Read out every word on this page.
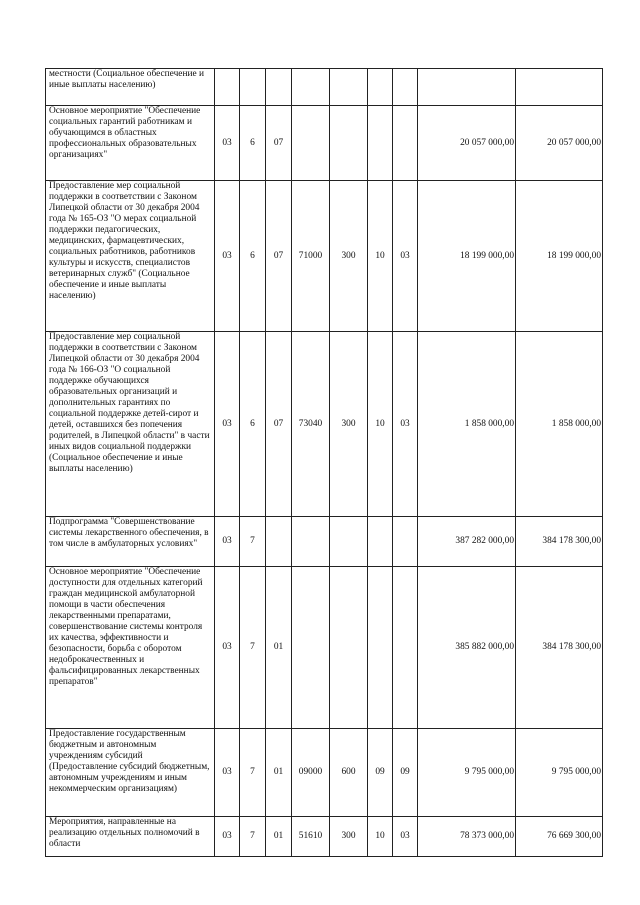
местности (Социальное обеспечение и иные выплаты населению)									
Основное мероприятие "Обеспечение социальных гарантий работникам и обучающимся в областных профессиональных образовательных организациях"	03	6	07					20 057 000,00	20 057 000,00
Предоставление мер социальной поддержки в соответствии с Законом Липецкой области от 30 декабря 2004 года № 165-ОЗ "О мерах социальной поддержки педагогических, медицинских, фармацевтических, социальных работников, работников культуры и искусств, специалистов ветеринарных служб" (Социальное обеспечение и иные выплаты населению)	03	6	07	71000	300	10	03	18 199 000,00	18 199 000,00
Предоставление мер социальной поддержки в соответствии с Законом Липецкой области от 30 декабря 2004 года № 166-ОЗ "О социальной поддержке обучающихся образовательных организаций и дополнительных гарантиях по социальной поддержке детей-сирот и детей, оставшихся без попечения родителей, в Липецкой области" в части иных видов социальной поддержки (Социальное обеспечение и иные выплаты населению)	03	6	07	73040	300	10	03	1 858 000,00	1 858 000,00
Подпрограмма "Совершенствование системы лекарственного обеспечения, в том числе в амбулаторных условиях"	03	7						387 282 000,00	384 178 300,00
Основное мероприятие "Обеспечение доступности для отдельных категорий граждан медицинской амбулаторной помощи в части обеспечения лекарственными препаратами, совершенствование системы контроля их качества, эффективности и безопасности, борьба с оборотом недоброкачественных и фальсифицированных лекарственных препаратов"	03	7	01					385 882 000,00	384 178 300,00
Предоставление государственным бюджетным и автономным учреждениям субсидий (Предоставление субсидий бюджетным, автономным учреждениям и иным некоммерческим организациям)	03	7	01	09000	600	09	09	9 795 000,00	9 795 000,00
Мероприятия, направленные на реализацию отдельных полномочий в области	03	7	01	51610	300	10	03	78 373 000,00	76 669 300,00
